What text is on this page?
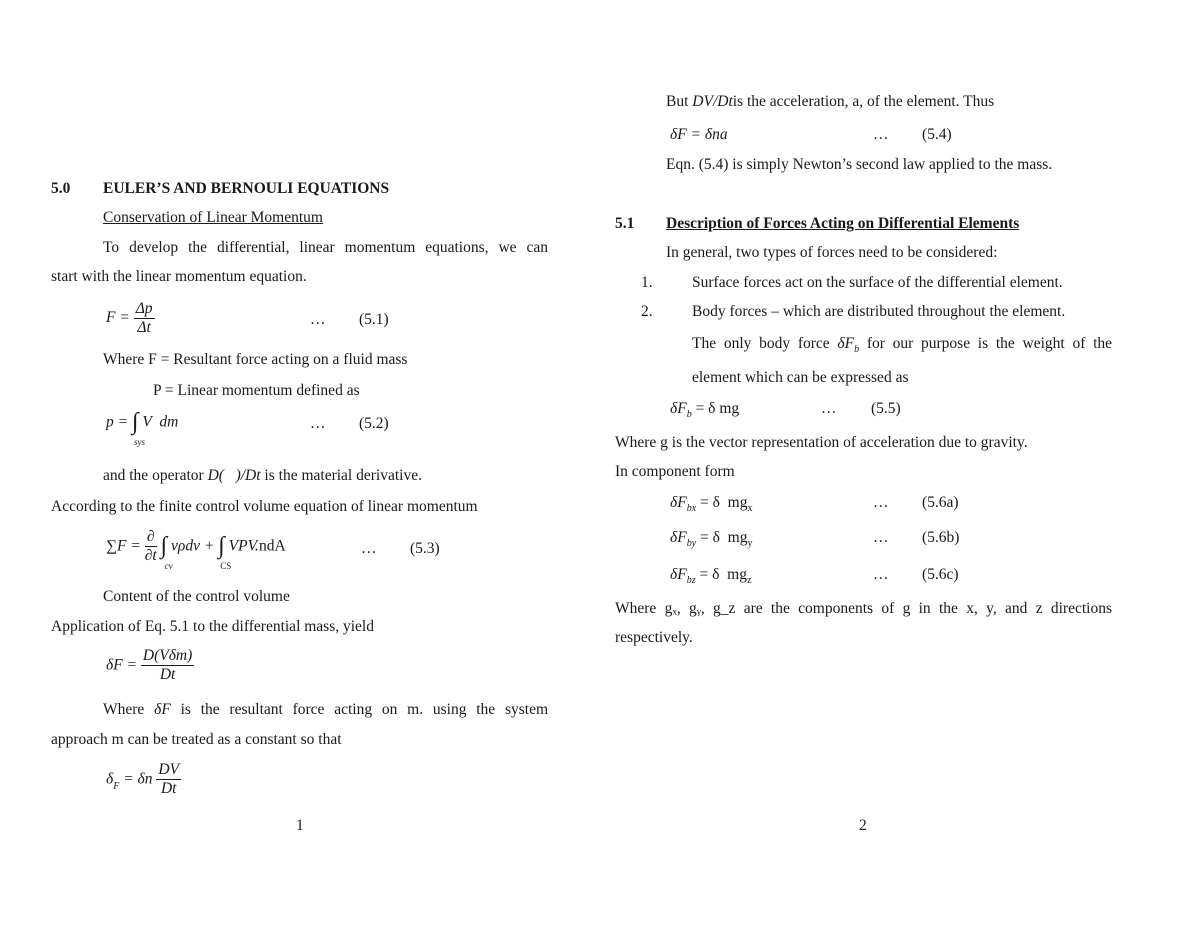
5.0 EULER’S AND BERNOULI EQUATIONS
Conservation of Linear Momentum
To develop the differential, linear momentum equations, we can
start with the linear momentum equation.
$F = \frac{\Delta p}{\Delta t}$	… (5.1)
Where F = Resultant force acting on a fluid mass
P = Linear momentum defined as
p = ∫
sys
V  dm	… (5.2)
and the operator D(   )/Dt is the material derivative.
According to the finite control volume equation of linear momentum
$\sum F = \frac{\partial}{\partial t}$ ∫
cv
vρdv + ∫
CS
VPV.ndA	… (5.3)
Content of the control volume
Application of Eq. 5.1 to the differential mass, yield
$\delta F = \frac{\text{D(Vδm)}}{Dt}$
Where δF is the resultant force acting on m. using the system
approach m can be treated as a constant so that
$\delta_F = \delta n \frac{DV}{Dt}$
1
But DV/Dtis the acceleration, a, of the element. Thus
δF = δna	… (5.4)
Eqn. (5.4) is simply Newton’s second law applied to the mass.
5.1 Description of Forces Acting on Differential Elements
In general, two types of forces need to be considered:
1.	Surface forces act on the surface of the differential element.
2.	Body forces – which are distributed throughout the element.
The only body force $\delta F_b$ for our purpose is the weight of the
element which can be expressed as
$\delta F_b = \delta$ mg	… (5.5)
Where g is the vector representation of acceleration due to gravity.
In component form
$\delta F_{bx} = \delta$  $mg_x$	… (5.6a)
$\delta F_{by} = \delta$  $mg_y$	… (5.6b)
$\delta F_{bz} = \delta$  $mg_z$	… (5.6c)
Where gₓ, gᵧ, g_z are the components of g in the x, y, and z directions
respectively.
2
